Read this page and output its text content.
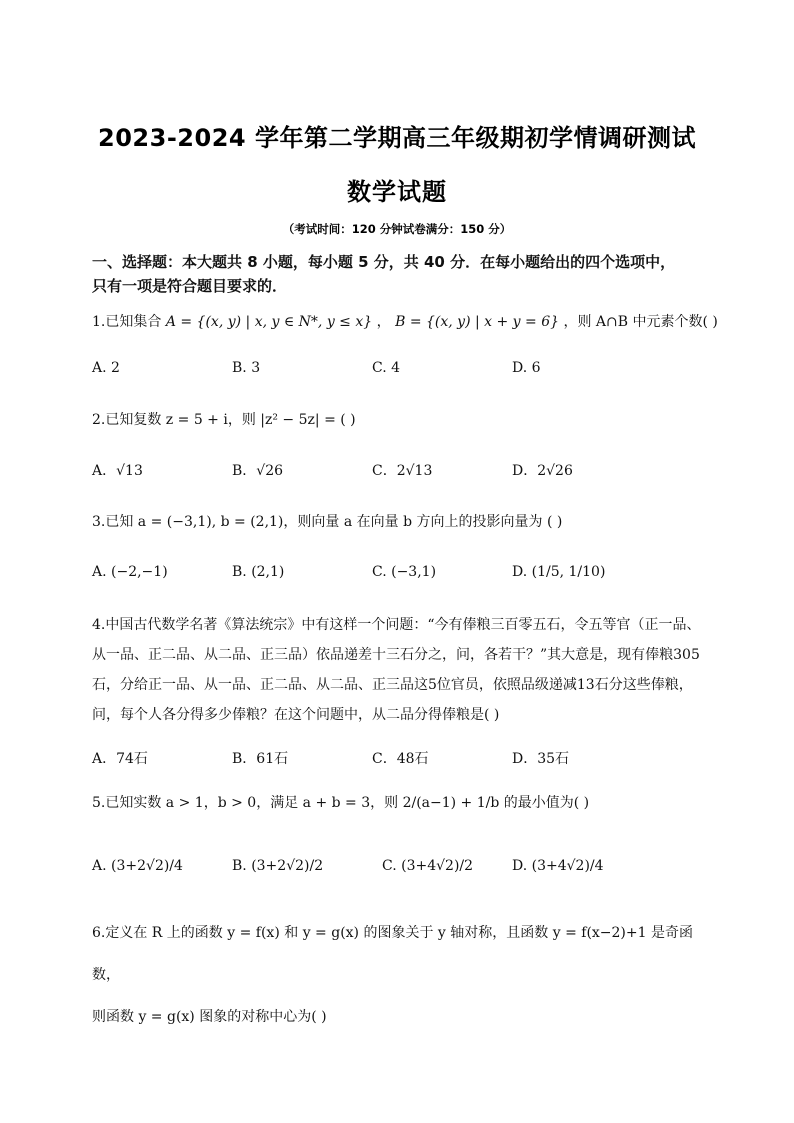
2023-2024 学年第二学期高三年级期初学情调研测试
数学试题
（考试时间：120 分钟试卷满分：150 分）
一、选择题：本大题共 8 小题，每小题 5 分，共 40 分．在每小题给出的四个选项中，
只有一项是符合题目要求的．
1.已知集合 A = {(x, y) | x, y ∈ N*, y ≤ x} ， B = {(x, y) | x + y = 6} ，则 A∩B 中元素个数( )
A. 2	B. 3	C. 4	D. 6
2.已知复数 z = 5 + i，则 |z² − 5z| = ( )
A．√13	B．√26	C．2√13	D．2√26
3.已知 a = (−3,1), b = (2,1)，则向量 a 在向量 b 方向上的投影向量为 ( )
A. (−2,−1)	B. (2,1)	C. (−3,1)	D. (1/5, 1/10)
4.中国古代数学名著《算法统宗》中有这样一个问题：“今有俸粮三百零五石，令五等官（正一品、
从一品、正二品、从二品、正三品）依品递差十三石分之，问，各若干？”其大意是，现有俸粮305
石，分给正一品、从一品、正二品、从二品、正三品这5位官员，依照品级递减13石分这些俸粮，
问，每个人各分得多少俸粮？在这个问题中，从二品分得俸粮是( )
A．74石	B．61石	C．48石	D．35石
5.已知实数 a > 1，b > 0，满足 a + b = 3，则 2/(a−1) + 1/b 的最小值为( )
A. (3+2√2)/4	B. (3+2√2)/2	C. (3+4√2)/2	D. (3+4√2)/4
6.定义在 R 上的函数 y = f(x) 和 y = g(x) 的图象关于 y 轴对称，且函数 y = f(x−2)+1 是奇函数，
则函数 y = g(x) 图象的对称中心为( )
